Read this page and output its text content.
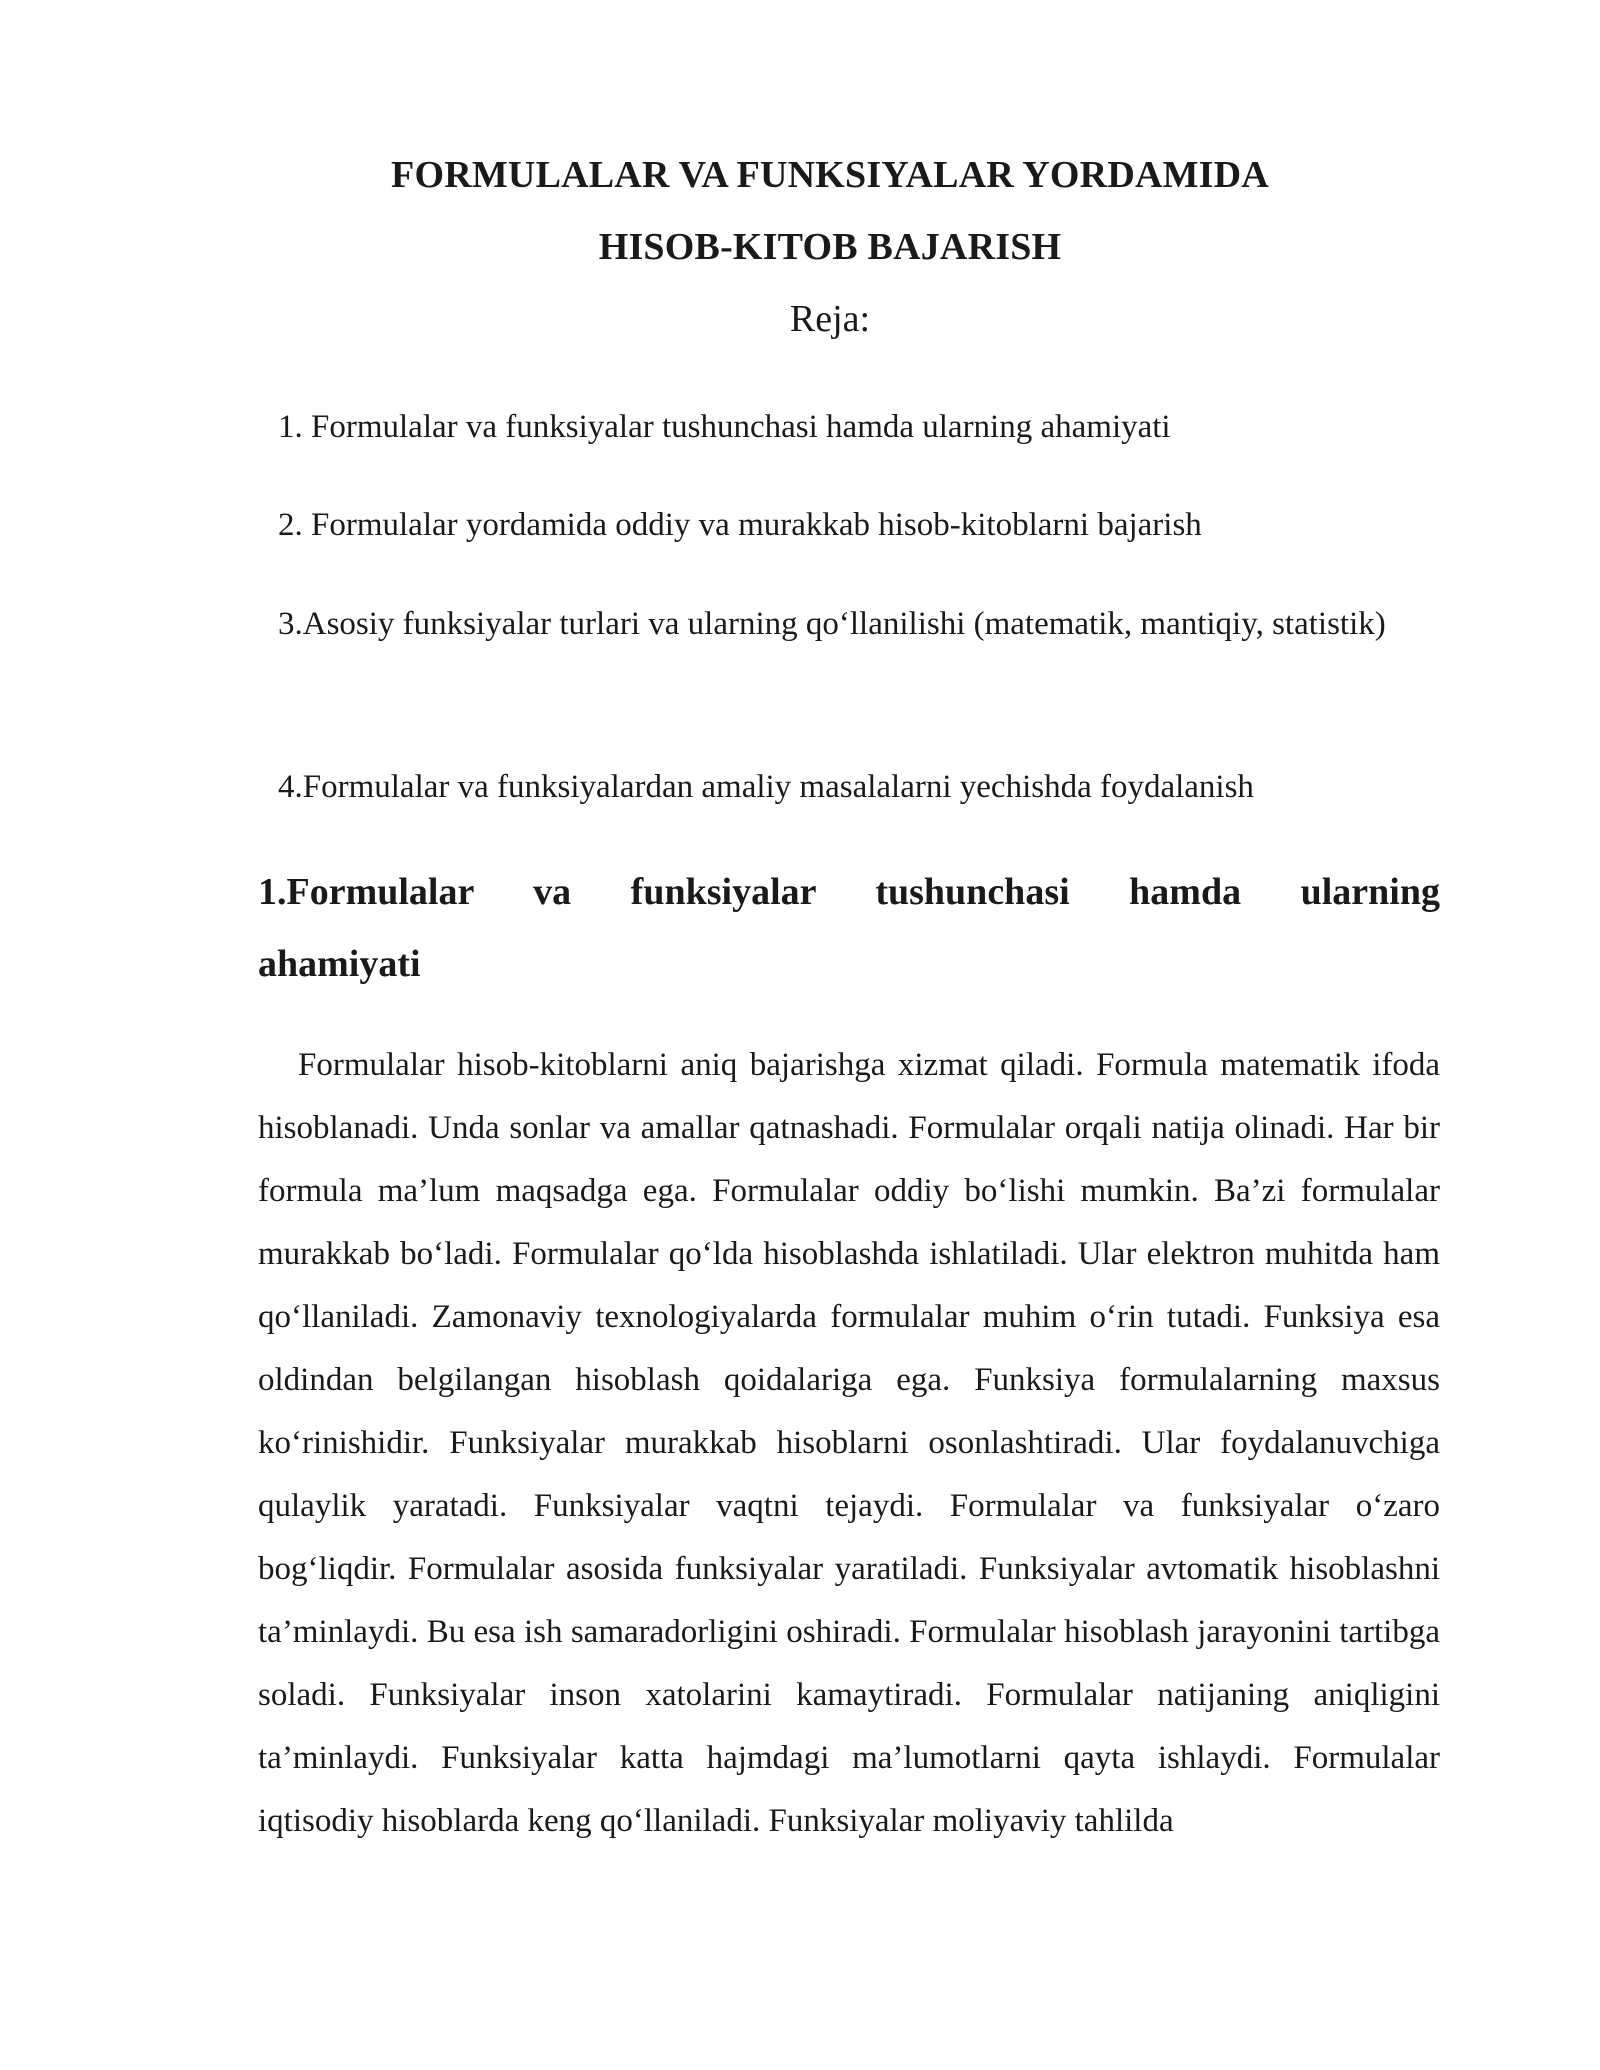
FORMULALAR VA FUNKSIYALAR YORDAMIDA
HISOB-KITOB BAJARISH
Reja:
1. Formulalar va funksiyalar tushunchasi hamda ularning ahamiyati
2. Formulalar yordamida oddiy va murakkab hisob-kitoblarni bajarish
3.Asosiy funksiyalar turlari va ularning qo‘llanilishi (matematik, mantiqiy, statistik)
4.Formulalar va funksiyalardan amaliy masalalarni yechishda foydalanish
1.Formulalar va funksiyalar tushunchasi hamda ularning
ahamiyati
Formulalar hisob-kitoblarni aniq bajarishga xizmat qiladi. Formula matematik ifoda hisoblanadi. Unda sonlar va amallar qatnashadi. Formulalar orqali natija olinadi. Har bir formula ma’lum maqsadga ega. Formulalar oddiy bo‘lishi mumkin. Ba’zi formulalar murakkab bo‘ladi. Formulalar qo‘lda hisoblashda ishlatiladi. Ular elektron muhitda ham qo‘llaniladi. Zamonaviy texnologiyalarda formulalar muhim o‘rin tutadi. Funksiya esa oldindan belgilangan hisoblash qoidalariga ega. Funksiya formulalarning maxsus ko‘rinishidir. Funksiyalar murakkab hisoblarni osonlashtiradi. Ular foydalanuvchiga qulaylik yaratadi. Funksiyalar vaqtni tejaydi. Formulalar va funksiyalar o‘zaro bog‘liqdir. Formulalar asosida funksiyalar yaratiladi. Funksiyalar avtomatik hisoblashni ta’minlaydi. Bu esa ish samaradorligini oshiradi. Formulalar hisoblash jarayonini tartibga soladi. Funksiyalar inson xatolarini kamaytiradi. Formulalar natijaning aniqligini ta’minlaydi. Funksiyalar katta hajmdagi ma’lumotlarni qayta ishlaydi. Formulalar iqtisodiy hisoblarda keng qo‘llaniladi. Funksiyalar moliyaviy tahlilda
